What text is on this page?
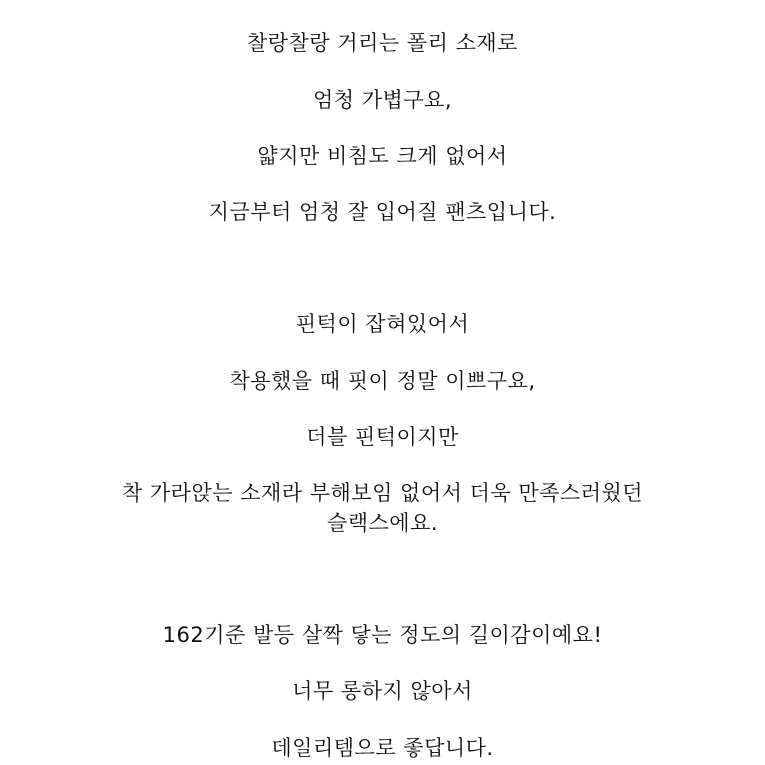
찰랑찰랑 거리는 폴리 소재로
엄청 가볍구요,
얇지만 비침도 크게 없어서
지금부터 엄청 잘 입어질 팬츠입니다.
핀턱이 잡혀있어서
착용했을 때 핏이 정말 이쁘구요,
더블 핀턱이지만
착 가라앉는 소재라 부해보임 없어서 더욱 만족스러웠던
슬랙스에요.
162기준 발등 살짝 닿는 정도의 길이감이예요!
너무 롱하지 않아서
데일리템으로 좋답니다.
